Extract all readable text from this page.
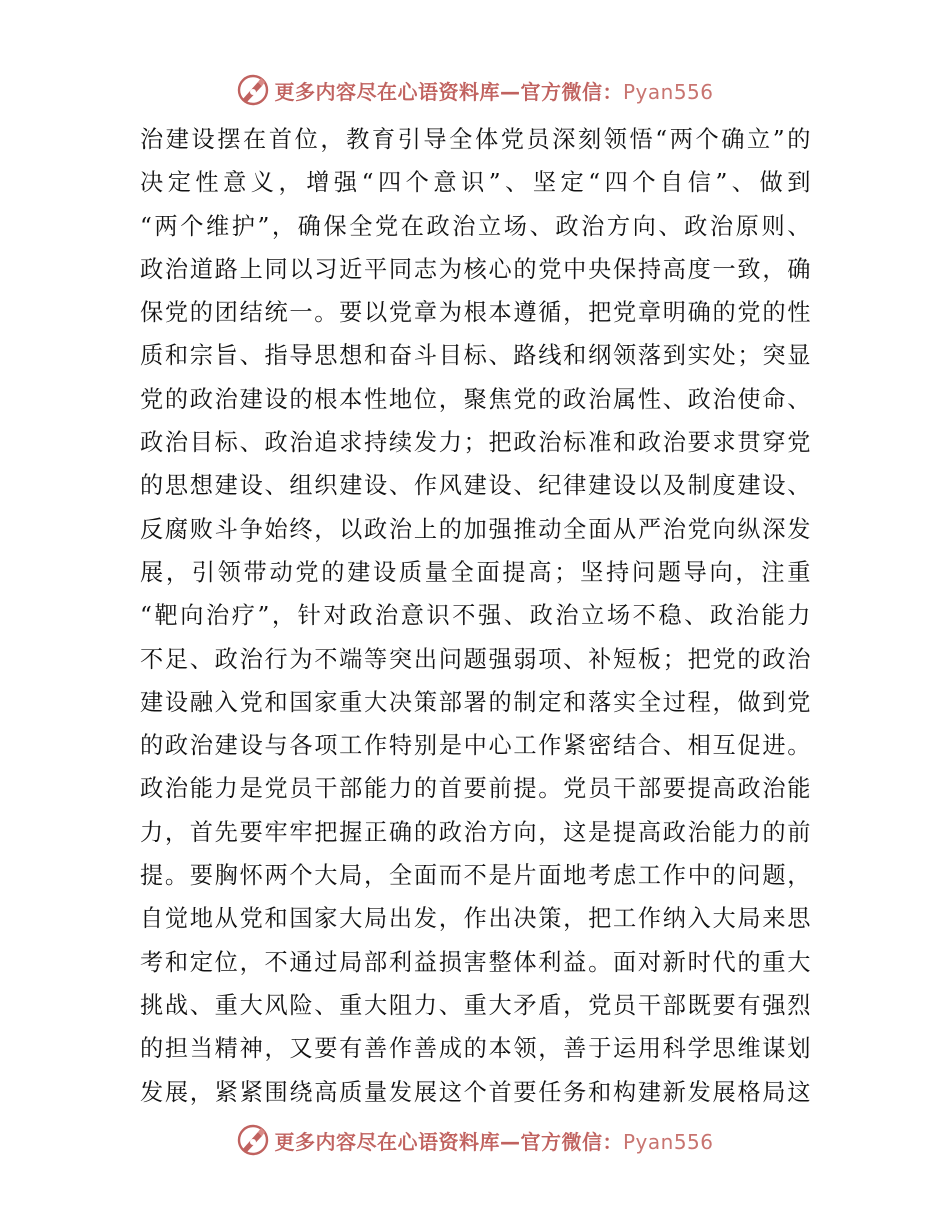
更多内容尽在心语资料库—官方微信：Pyan556

治建设摆在首位，教育引导全体党员深刻领悟“两个确立”的

决定性意义，增强“四个意识”、坚定“四个自信”、做到

“两个维护”，确保全党在政治立场、政治方向、政治原则、

政治道路上同以习近平同志为核心的党中央保持高度一致，确

保党的团结统一。要以党章为根本遵循，把党章明确的党的性

质和宗旨、指导思想和奋斗目标、路线和纲领落到实处；突显

党的政治建设的根本性地位，聚焦党的政治属性、政治使命、

政治目标、政治追求持续发力；把政治标准和政治要求贯穿党

的思想建设、组织建设、作风建设、纪律建设以及制度建设、

反腐败斗争始终，以政治上的加强推动全面从严治党向纵深发

展，引领带动党的建设质量全面提高；坚持问题导向，注重

“靶向治疗”，针对政治意识不强、政治立场不稳、政治能力

不足、政治行为不端等突出问题强弱项、补短板；把党的政治

建设融入党和国家重大决策部署的制定和落实全过程，做到党

的政治建设与各项工作特别是中心工作紧密结合、相互促进。

政治能力是党员干部能力的首要前提。党员干部要提高政治能

力，首先要牢牢把握正确的政治方向，这是提高政治能力的前

提。要胸怀两个大局，全面而不是片面地考虑工作中的问题，

自觉地从党和国家大局出发，作出决策，把工作纳入大局来思

考和定位，不通过局部利益损害整体利益。面对新时代的重大

挑战、重大风险、重大阻力、重大矛盾，党员干部既要有强烈

的担当精神，又要有善作善成的本领，善于运用科学思维谋划

发展，紧紧围绕高质量发展这个首要任务和构建新发展格局这

更多内容尽在心语资料库—官方微信：Pyan556
